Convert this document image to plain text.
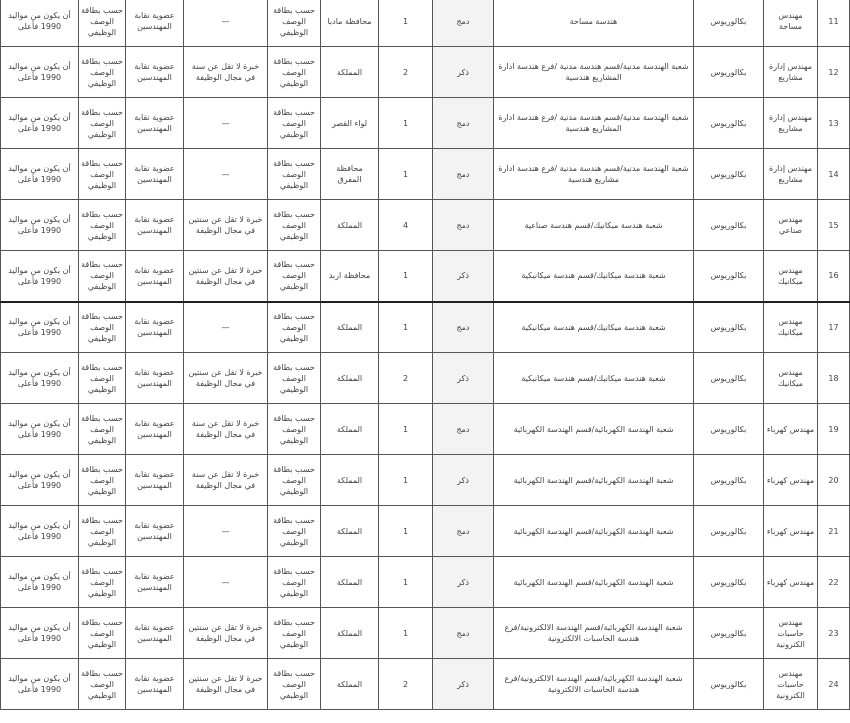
أن يكون من مواليد 1990 فأعلى	حسب بطاقة الوصف الوظيفي	عضوية نقابة المهندسين	—	حسب بطاقة الوصف الوظيفي	محافظة مادبا	1	دمج	هندسة مساحة	بكالوريوس	مهندس مساحة	11
أن يكون من مواليد 1990 فأعلى	حسب بطاقة الوصف الوظيفي	عضوية نقابة المهندسين	خبرة لا تقل عن سنة في مجال الوظيفة	حسب بطاقة الوصف الوظيفي	المملكة	2	ذكر	شعبة الهندسة مدنية/قسم هندسة مدنية /فرع هندسة ادارة المشاريع هندسية	بكالوريوس	مهندس إدارة مشاريع	12
أن يكون من مواليد 1990 فأعلى	حسب بطاقة الوصف الوظيفي	عضوية نقابة المهندسين	—	حسب بطاقة الوصف الوظيفي	لواء القصر	1	دمج	شعبة الهندسة مدنية/قسم هندسة مدنية /فرع هندسة ادارة المشاريع هندسية	بكالوريوس	مهندس إدارة مشاريع	13
أن يكون من مواليد 1990 فأعلى	حسب بطاقة الوصف الوظيفي	عضوية نقابة المهندسين	—	حسب بطاقة الوصف الوظيفي	محافظة المفرق	1	دمج	شعبة الهندسة مدنية/قسم هندسة مدنية /فرع هندسة ادارة مشاريع هندسية	بكالوريوس	مهندس إدارة مشاريع	14
أن يكون من مواليد 1990 فأعلى	حسب بطاقة الوصف الوظيفي	عضوية نقابة المهندسين	خبرة لا تقل عن سنتين في مجال الوظيفة	حسب بطاقة الوصف الوظيفي	المملكة	4	دمج	شعبة هندسة ميكانيك/قسم هندسة صناعية	بكالوريوس	مهندس صناعي	15
أن يكون من مواليد 1990 فأعلى	حسب بطاقة الوصف الوظيفي	عضوية نقابة المهندسين	خبرة لا تقل عن سنتين في مجال الوظيفة	حسب بطاقة الوصف الوظيفي	محافظة اربد	1	ذكر	شعبة هندسة ميكانيك/قسم هندسة ميكانيكية	بكالوريوس	مهندس ميكانيك	16
أن يكون من مواليد 1990 فأعلى	حسب بطاقة الوصف الوظيفي	عضوية نقابة المهندسين	—	حسب بطاقة الوصف الوظيفي	المملكة	1	دمج	شعبة هندسة ميكانيك/قسم هندسة ميكانيكية	بكالوريوس	مهندس ميكانيك	17
أن يكون من مواليد 1990 فأعلى	حسب بطاقة الوصف الوظيفي	عضوية نقابة المهندسين	خبرة لا تقل عن سنتين في مجال الوظيفة	حسب بطاقة الوصف الوظيفي	المملكة	2	ذكر	شعبة هندسة ميكانيك/قسم هندسة ميكانيكية	بكالوريوس	مهندس ميكانيك	18
أن يكون من مواليد 1990 فأعلى	حسب بطاقة الوصف الوظيفي	عضوية نقابة المهندسين	خبرة لا تقل عن سنة في مجال الوظيفة	حسب بطاقة الوصف الوظيفي	المملكة	1	دمج	شعبة الهندسة الكهربائية/قسم الهندسة الكهربائية	بكالوريوس	مهندس كهرباء	19
أن يكون من مواليد 1990 فأعلى	حسب بطاقة الوصف الوظيفي	عضوية نقابة المهندسين	خبرة لا تقل عن سنة في مجال الوظيفة	حسب بطاقة الوصف الوظيفي	المملكة	1	ذكر	شعبة الهندسة الكهربائية/قسم الهندسة الكهربائية	بكالوريوس	مهندس كهرباء	20
أن يكون من مواليد 1990 فأعلى	حسب بطاقة الوصف الوظيفي	عضوية نقابة المهندسين	—	حسب بطاقة الوصف الوظيفي	المملكة	1	دمج	شعبة الهندسة الكهربائية/قسم الهندسة الكهربائية	بكالوريوس	مهندس كهرباء	21
أن يكون من مواليد 1990 فأعلى	حسب بطاقة الوصف الوظيفي	عضوية نقابة المهندسين	—	حسب بطاقة الوصف الوظيفي	المملكة	1	ذكر	شعبة الهندسة الكهربائية/قسم الهندسة الكهربائية	بكالوريوس	مهندس كهرباء	22
أن يكون من مواليد 1990 فأعلى	حسب بطاقة الوصف الوظيفي	عضوية نقابة المهندسين	خبرة لا تقل عن سنتين في مجال الوظيفة	حسب بطاقة الوصف الوظيفي	المملكة	1	دمج	شعبة الهندسة الكهربائية/قسم الهندسة الالكترونية/فرع هندسة الحاسبات الالكترونية	بكالوريوس	مهندس حاسبات الكترونية	23
أن يكون من مواليد 1990 فأعلى	حسب بطاقة الوصف الوظيفي	عضوية نقابة المهندسين	خبرة لا تقل عن سنتين في مجال الوظيفة	حسب بطاقة الوصف الوظيفي	المملكة	2	ذكر	شعبة الهندسة الكهربائية/قسم الهندسة الالكترونية/فرع هندسة الحاسبات الالكترونية	بكالوريوس	مهندس حاسبات الكترونية	24
